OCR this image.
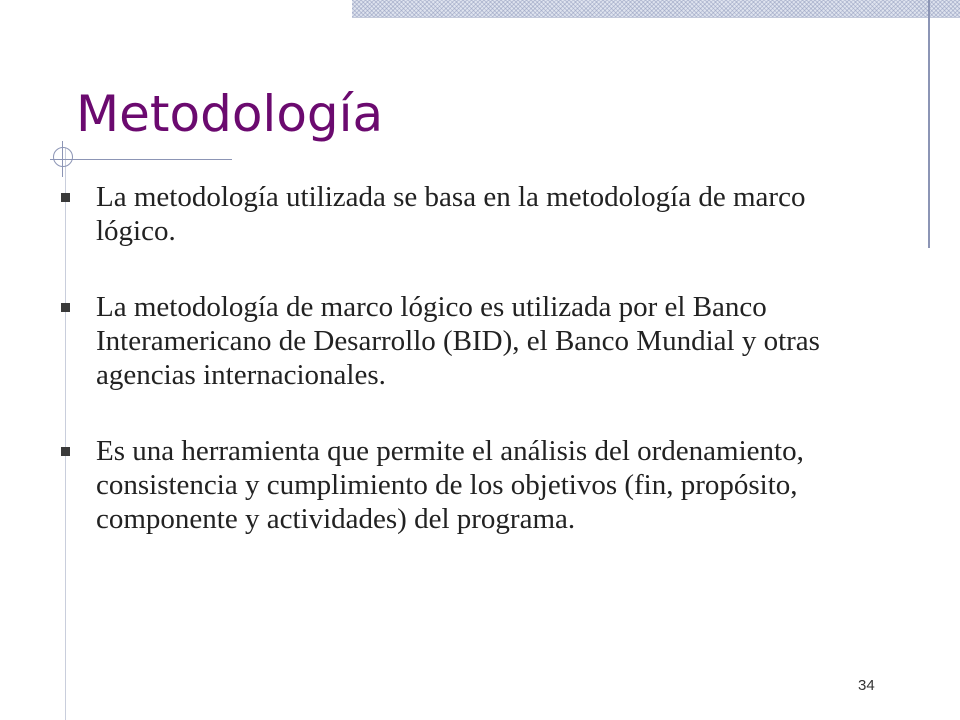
Metodología
La metodología utilizada se basa en la metodología de marco lógico.
La metodología de marco lógico es utilizada por el Banco Interamericano de Desarrollo (BID), el Banco Mundial y otras agencias internacionales.
Es una herramienta que permite el análisis del ordenamiento, consistencia y cumplimiento de los objetivos (fin, propósito, componente y actividades) del programa.
34
